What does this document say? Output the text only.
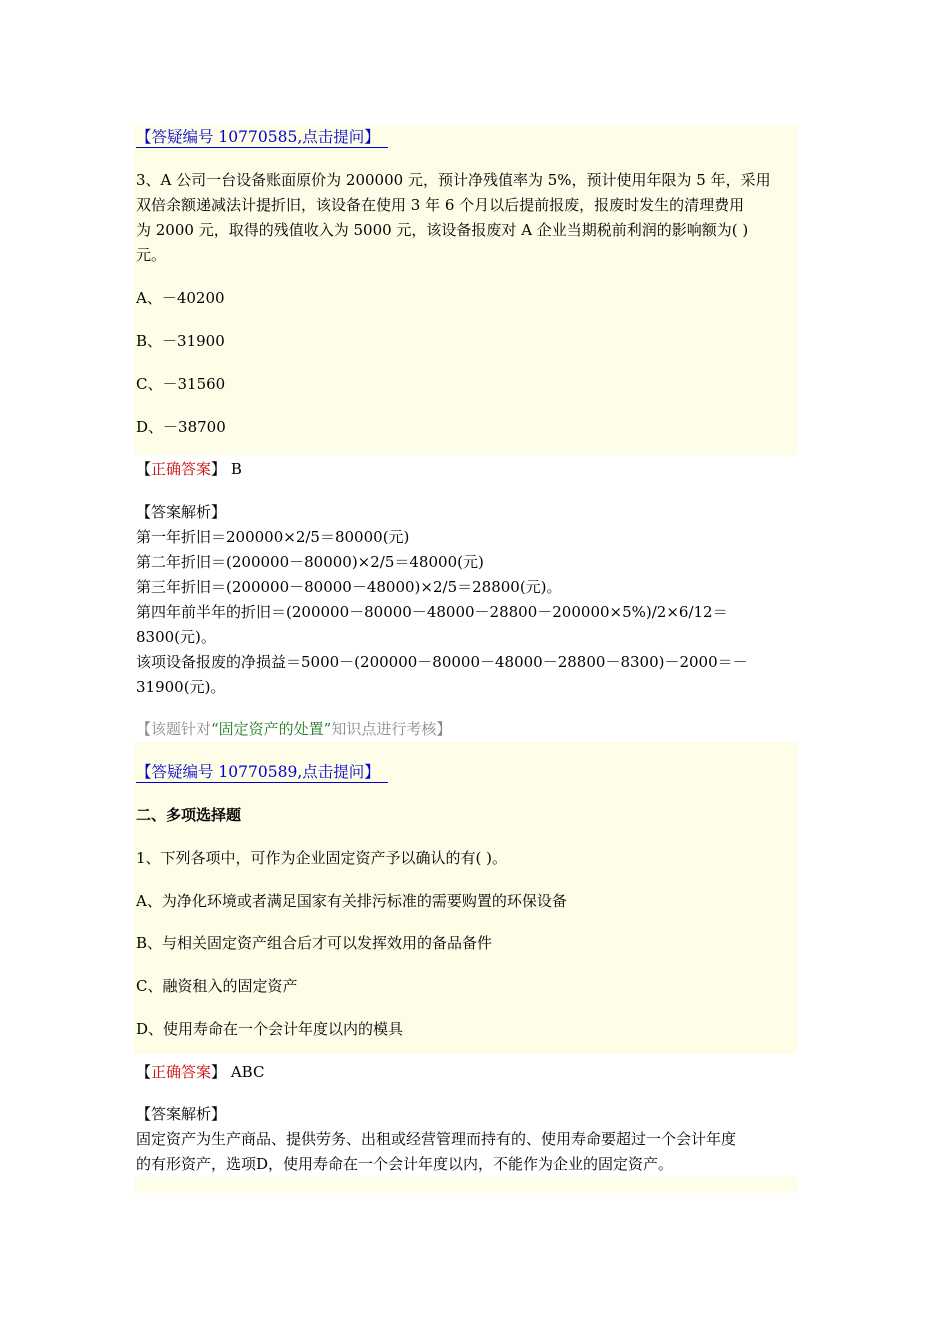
【答疑编号 10770585,点击提问】
3、A 公司一台设备账面原价为 200000 元，预计净残值率为 5%，预计使用年限为 5 年，采用
双倍余额递减法计提折旧，该设备在使用 3 年 6 个月以后提前报废，报废时发生的清理费用
为 2000 元，取得的残值收入为 5000 元，该设备报废对 A 企业当期税前利润的影响额为( )
元。
A、－40200
B、－31900
C、－31560
D、－38700
【正确答案】 B
【答案解析】
第一年折旧＝200000×2/5＝80000(元)
第二年折旧＝(200000－80000)×2/5＝48000(元)
第三年折旧＝(200000－80000－48000)×2/5＝28800(元)。
第四年前半年的折旧＝(200000－80000－48000－28800－200000×5%)/2×6/12＝
8300(元)。
该项设备报废的净损益＝5000－(200000－80000－48000－28800－8300)－2000＝－
31900(元)。
【该题针对“固定资产的处置”知识点进行考核】
【答疑编号 10770589,点击提问】
二、多项选择题
1、下列各项中，可作为企业固定资产予以确认的有( )。
A、为净化环境或者满足国家有关排污标准的需要购置的环保设备
B、与相关固定资产组合后才可以发挥效用的备品备件
C、融资租入的固定资产
D、使用寿命在一个会计年度以内的模具
【正确答案】 ABC
【答案解析】
固定资产为生产商品、提供劳务、出租或经营管理而持有的、使用寿命要超过一个会计年度
的有形资产，选项D，使用寿命在一个会计年度以内，不能作为企业的固定资产。
